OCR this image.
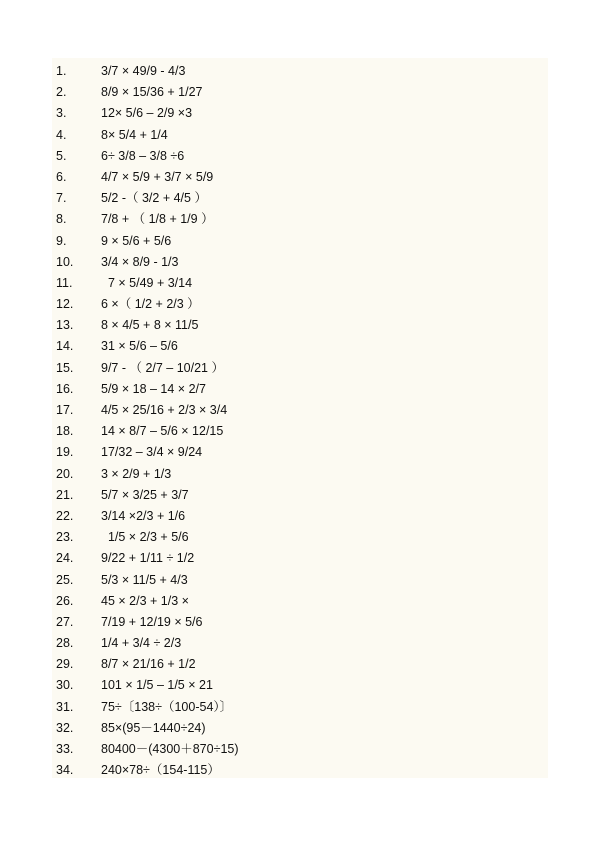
1.	3/7 × 49/9 - 4/3
2.	8/9 × 15/36 + 1/27
3.	12× 5/6 – 2/9 ×3
4.	8× 5/4 + 1/4
5.	6÷ 3/8 – 3/8 ÷6
6.	4/7 × 5/9 + 3/7 × 5/9
7.	5/2 -（ 3/2 + 4/5 ）
8.	7/8 + （ 1/8 + 1/9 ）
9.	9 × 5/6 + 5/6
10.	3/4 × 8/9 - 1/3
11.	7 × 5/49 + 3/14
12.	6 ×（ 1/2 + 2/3 ）
13.	8 × 4/5 + 8 × 11/5
14.	31 × 5/6 – 5/6
15.	9/7 - （ 2/7 – 10/21 ）
16.	5/9 × 18 – 14 × 2/7
17.	4/5 × 25/16 + 2/3 × 3/4
18.	14 × 8/7 – 5/6 × 12/15
19.	17/32 – 3/4 × 9/24
20.	3 × 2/9 + 1/3
21.	5/7 × 3/25 + 3/7
22.	3/14 ×2/3 + 1/6
23.	1/5 × 2/3 + 5/6
24.	9/22 + 1/11 ÷ 1/2
25.	5/3 × 11/5 + 4/3
26.	45 × 2/3 + 1/3 ×
27.	7/19 + 12/19 × 5/6
28.	1/4 + 3/4 ÷ 2/3
29.	8/7 × 21/16 + 1/2
30.	101 × 1/5 – 1/5 × 21
31.	75÷〔138÷（100-54）〕
32.	85×(95－1440÷24)
33.	80400－(4300＋870÷15)
34.	240×78÷（154-115）
